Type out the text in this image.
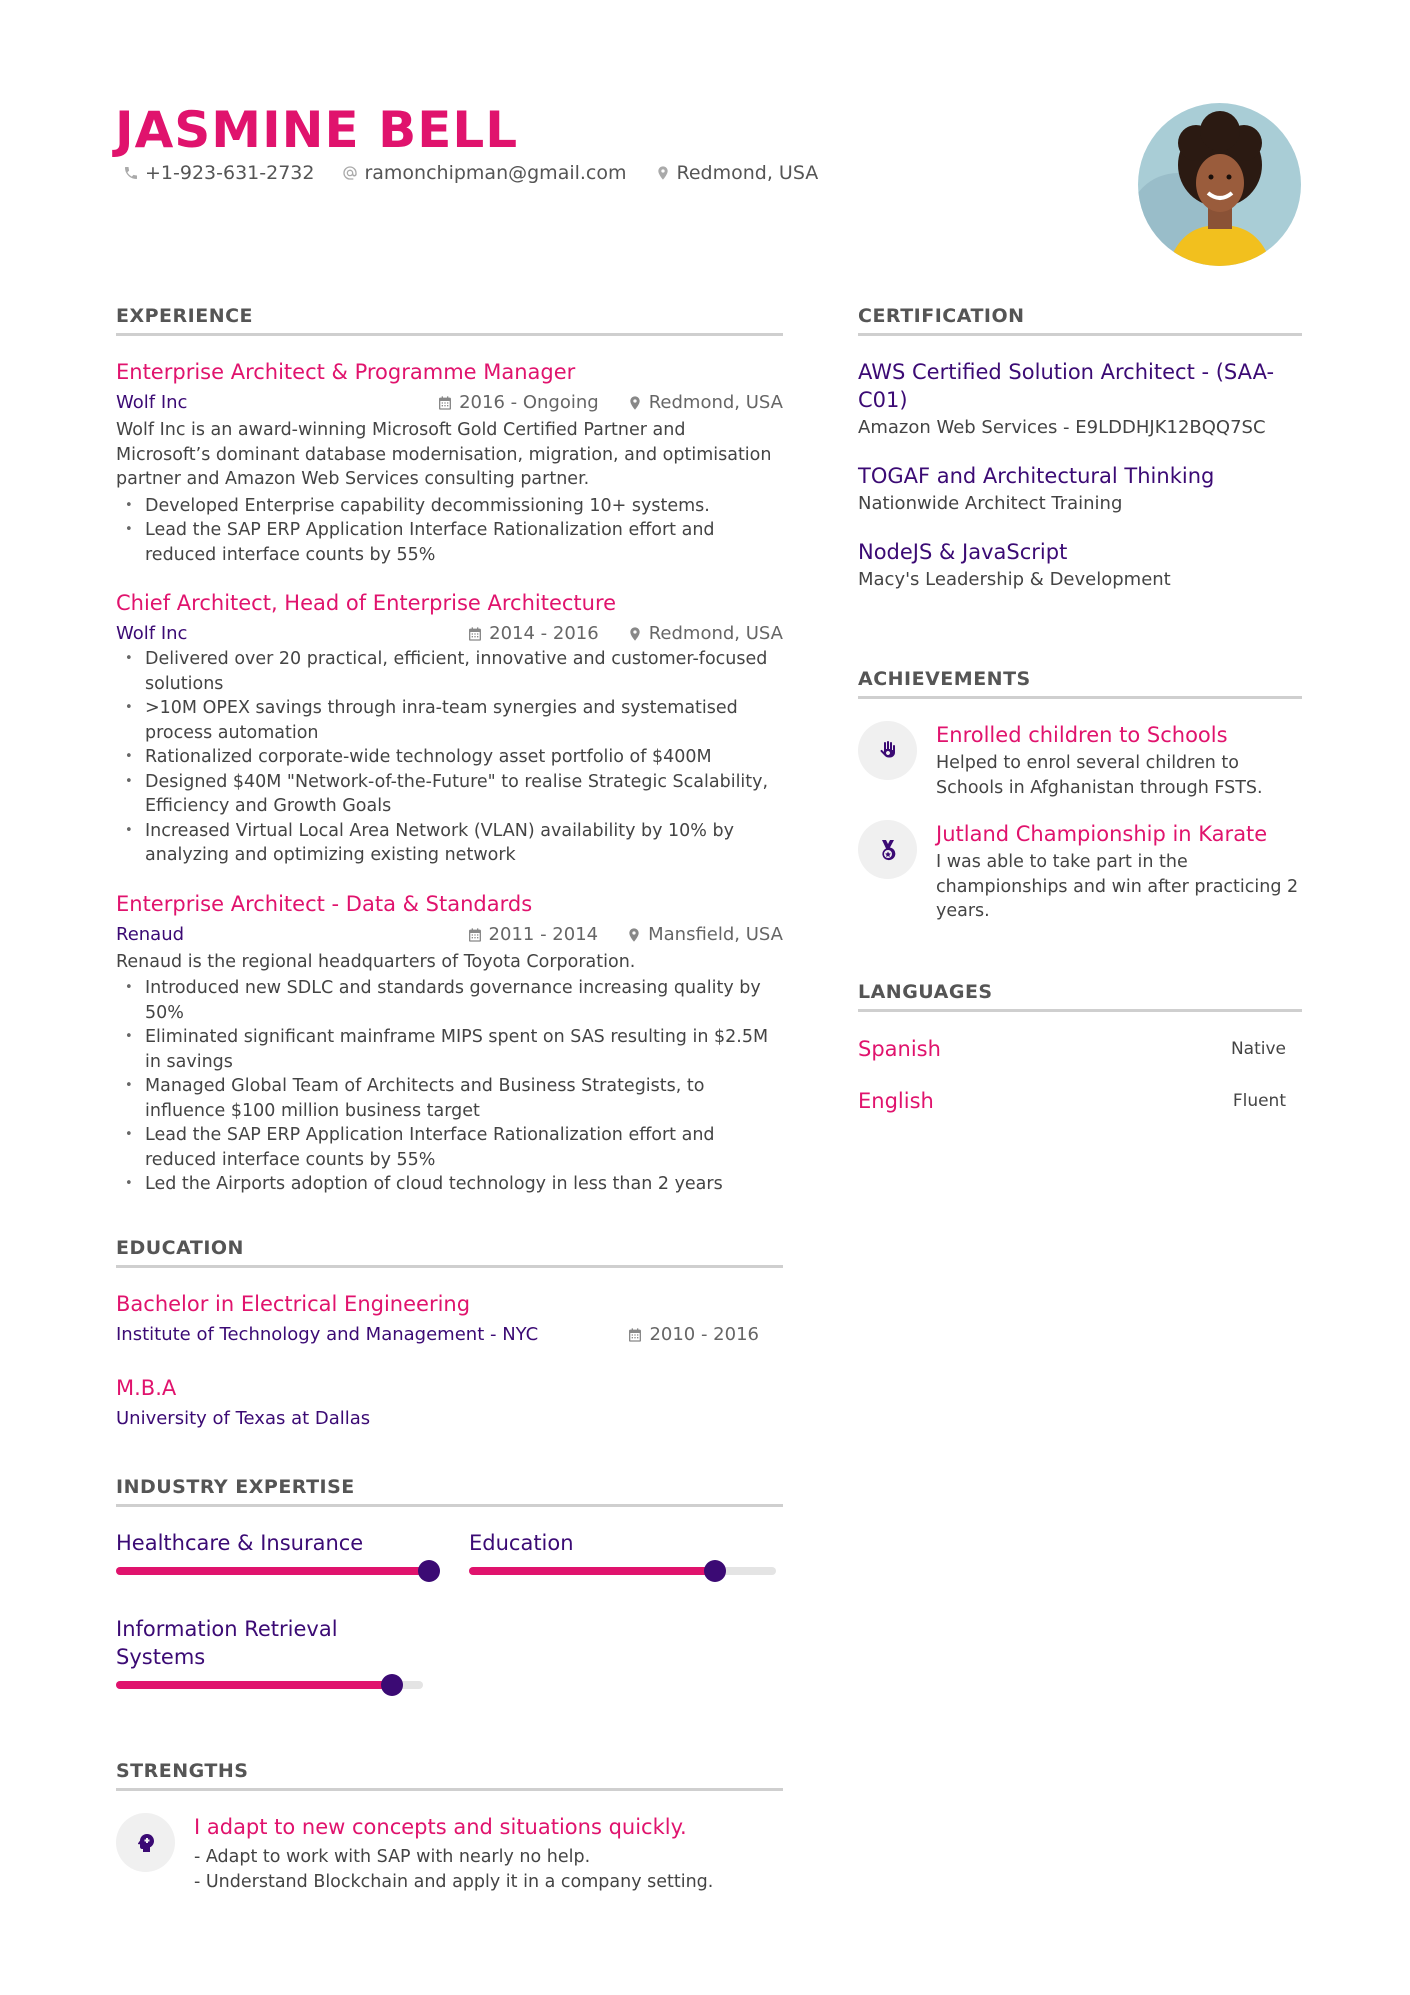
JASMINE BELL
+1-923-631-2732	ramonchipman@gmail.com	Redmond, USA
EXPERIENCE
Enterprise Architect & Programme Manager
Wolf Inc	2016 - Ongoing	Redmond, USA
Wolf Inc is an award-winning Microsoft Gold Certified Partner and Microsoft’s dominant database modernisation, migration, and optimisation partner and Amazon Web Services consulting partner.
• Developed Enterprise capability decommissioning 10+ systems.
• Lead the SAP ERP Application Interface Rationalization effort and reduced interface counts by 55%
Chief Architect, Head of Enterprise Architecture
Wolf Inc	2014 - 2016	Redmond, USA
• Delivered over 20 practical, efficient, innovative and customer-focused solutions
• >10M OPEX savings through inra-team synergies and systematised process automation
• Rationalized corporate-wide technology asset portfolio of $400M
• Designed $40M "Network-of-the-Future" to realise Strategic Scalability, Efficiency and Growth Goals
• Increased Virtual Local Area Network (VLAN) availability by 10% by analyzing and optimizing existing network
Enterprise Architect - Data & Standards
Renaud	2011 - 2014	Mansfield, USA
Renaud is the regional headquarters of Toyota Corporation.
• Introduced new SDLC and standards governance increasing quality by 50%
• Eliminated significant mainframe MIPS spent on SAS resulting in $2.5M in savings
• Managed Global Team of Architects and Business Strategists, to influence $100 million business target
• Lead the SAP ERP Application Interface Rationalization effort and reduced interface counts by 55%
• Led the Airports adoption of cloud technology in less than 2 years
EDUCATION
Bachelor in Electrical Engineering
Institute of Technology and Management - NYC	2010 - 2016
M.B.A
University of Texas at Dallas
INDUSTRY EXPERTISE
Healthcare & Insurance	Education
Information Retrieval Systems
STRENGTHS
I adapt to new concepts and situations quickly.
- Adapt to work with SAP with nearly no help.
- Understand Blockchain and apply it in a company setting.
CERTIFICATION
AWS Certified Solution Architect - (SAA-C01)
Amazon Web Services - E9LDDHJK12BQQ7SC
TOGAF and Architectural Thinking
Nationwide Architect Training
NodeJS & JavaScript
Macy's Leadership & Development
ACHIEVEMENTS
Enrolled children to Schools
Helped to enrol several children to Schools in Afghanistan through FSTS.
Jutland Championship in Karate
I was able to take part in the championships and win after practicing 2 years.
LANGUAGES
Spanish	Native
English	Fluent
